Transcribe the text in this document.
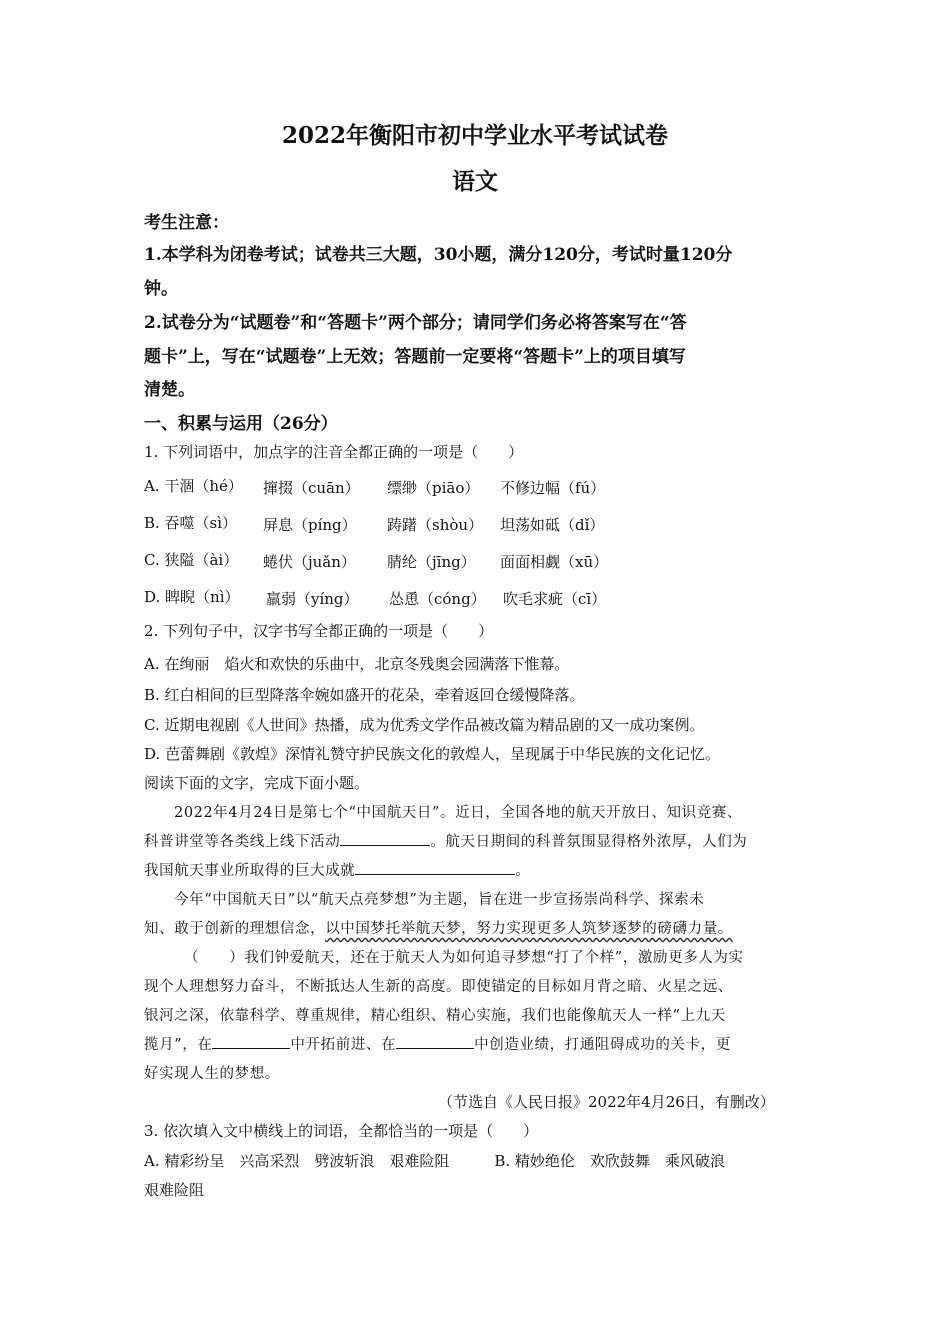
2022年衡阳市初中学业水平考试试卷
语文
考生注意：
1.本学科为闭卷考试；试卷共三大题，30小题，满分120分，考试时量120分
钟。
2.试卷分为“试题卷”和“答题卡”两个部分；请同学们务必将答案写在“答
题卡”上，写在“试题卷”上无效；答题前一定要将“答题卡”上的项目填写
清楚。
一、积累与运用（26分）
1. 下列词语中，加点字的注音全都正确的一项是（　　）
A. 干涸（hé） 撺掇（cuān） 缥缈（piāo） 不修边幅（fú）
B. 吞噬（sì） 屏息（píng） 踌躇（shòu） 坦荡如砥（dǐ）
C. 狭隘（ài） 蜷伏（juǎn） 腈纶（jīng） 面面相觑（xū）
D. 睥睨（nì） 羸弱（yíng） 怂恿（cóng） 吹毛求疵（cī）
2. 下列句子中，汉字书写全都正确的一项是（　　）
A. 在绚丽　焰火和欢快的乐曲中，北京冬残奥会园满落下惟幕。
B. 红白相间的巨型降落伞婉如盛开的花朵，牵着返回仓缓慢降落。
C. 近期电视剧《人世间》热播，成为优秀文学作品被改篇为精品剧的又一成功案例。
D. 芭蕾舞剧《敦煌》深情礼赞守护民族文化的敦煌人，呈现属于中华民族的文化记忆。
阅读下面的文字，完成下面小题。
2022年4月24日是第七个“中国航天日”。近日，全国各地的航天开放日、知识竞赛、
科普讲堂等各类线上线下活动	。航天日期间的科普氛围显得格外浓厚，人们为
我国航天事业所取得的巨大成就	。
今年“中国航天日”以“航天点亮梦想”为主题，旨在进一步宣扬崇尚科学、探索未
知、敢于创新的理想信念，以中国梦托举航天梦，努力实现更多人筑梦逐梦的磅礴力量。
（　　）我们钟爱航天，还在于航天人为如何追寻梦想“打了个样”，激励更多人为实
现个人理想努力奋斗，不断抵达人生新的高度。即使锚定的目标如月背之暗、火星之远、
银河之深，依靠科学、尊重规律，精心组织、精心实施，我们也能像航天人一样“上九天
揽月”，在	中开拓前进、在	中创造业绩，打通阻碍成功的关卡，更
好实现人生的梦想。
（节选自《人民日报》2022年4月26日，有删改）
3. 依次填入文中横线上的词语，全都恰当的一项是（　　）
A. 精彩纷呈　兴高采烈　劈波斩浪　艰难险阻　　　B. 精妙绝伦　欢欣鼓舞　乘风破浪
艰难险阻
